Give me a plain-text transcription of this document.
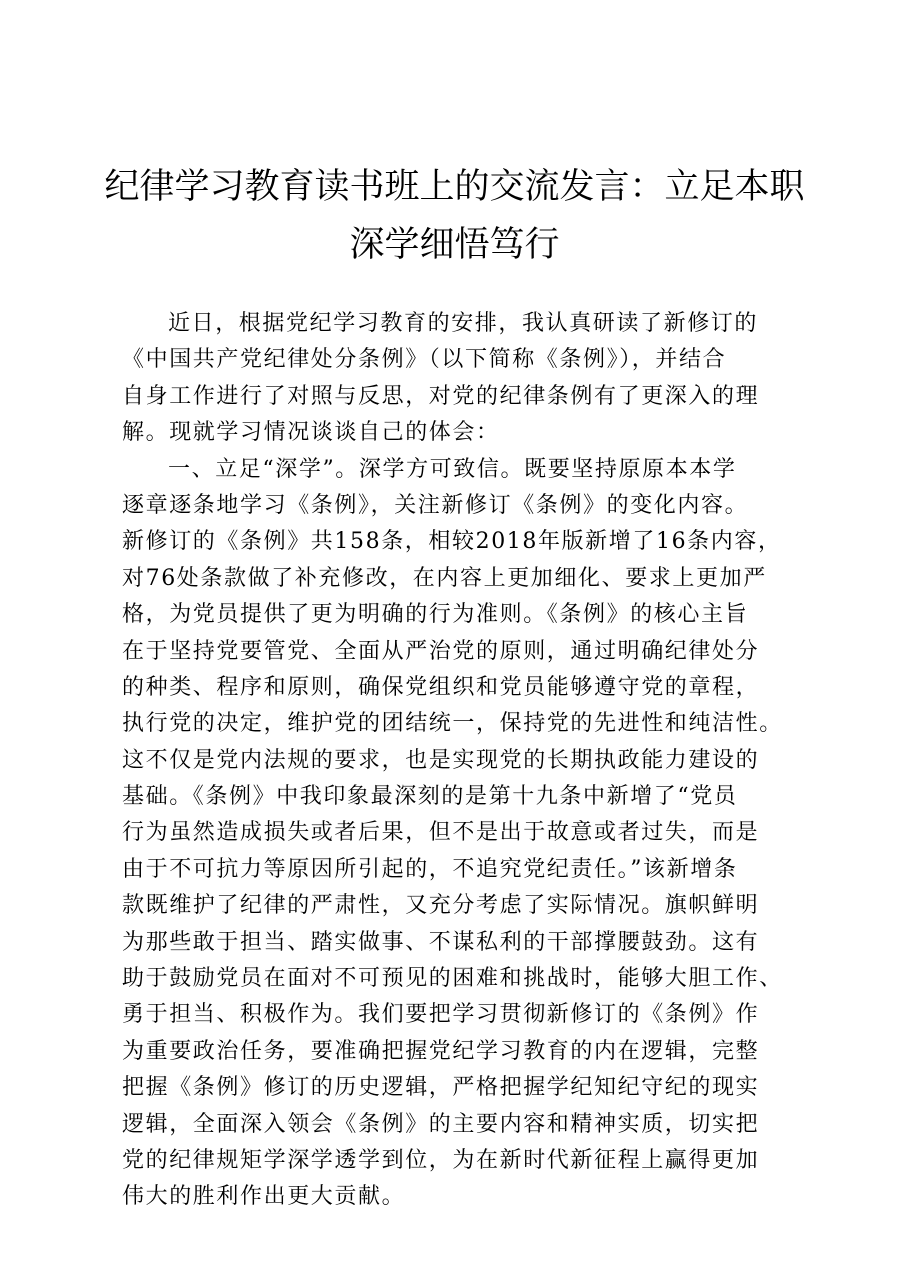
纪律学习教育读书班上的交流发言：立足本职
深学细悟笃行
近日，根据党纪学习教育的安排，我认真研读了新修订的
《中国共产党纪律处分条例》（以下简称《条例》），并结合
自身工作进行了对照与反思，对党的纪律条例有了更深入的理
解。现就学习情况谈谈自己的体会：
一、立足“深学”。深学方可致信。既要坚持原原本本学
逐章逐条地学习《条例》，关注新修订《条例》的变化内容。
新修订的《条例》共158条，相较2018年版新增了16条内容，
对76处条款做了补充修改，在内容上更加细化、要求上更加严
格，为党员提供了更为明确的行为准则。《条例》的核心主旨
在于坚持党要管党、全面从严治党的原则，通过明确纪律处分
的种类、程序和原则，确保党组织和党员能够遵守党的章程，
执行党的决定，维护党的团结统一，保持党的先进性和纯洁性。
这不仅是党内法规的要求，也是实现党的长期执政能力建设的
基础。《条例》中我印象最深刻的是第十九条中新增了“党员
行为虽然造成损失或者后果，但不是出于故意或者过失，而是
由于不可抗力等原因所引起的，不追究党纪责任。”该新增条
款既维护了纪律的严肃性，又充分考虑了实际情况。旗帜鲜明
为那些敢于担当、踏实做事、不谋私利的干部撑腰鼓劲。这有
助于鼓励党员在面对不可预见的困难和挑战时，能够大胆工作、
勇于担当、积极作为。我们要把学习贯彻新修订的《条例》作
为重要政治任务，要准确把握党纪学习教育的内在逻辑，完整
把握《条例》修订的历史逻辑，严格把握学纪知纪守纪的现实
逻辑，全面深入领会《条例》的主要内容和精神实质，切实把
党的纪律规矩学深学透学到位，为在新时代新征程上赢得更加
伟大的胜利作出更大贡献。
